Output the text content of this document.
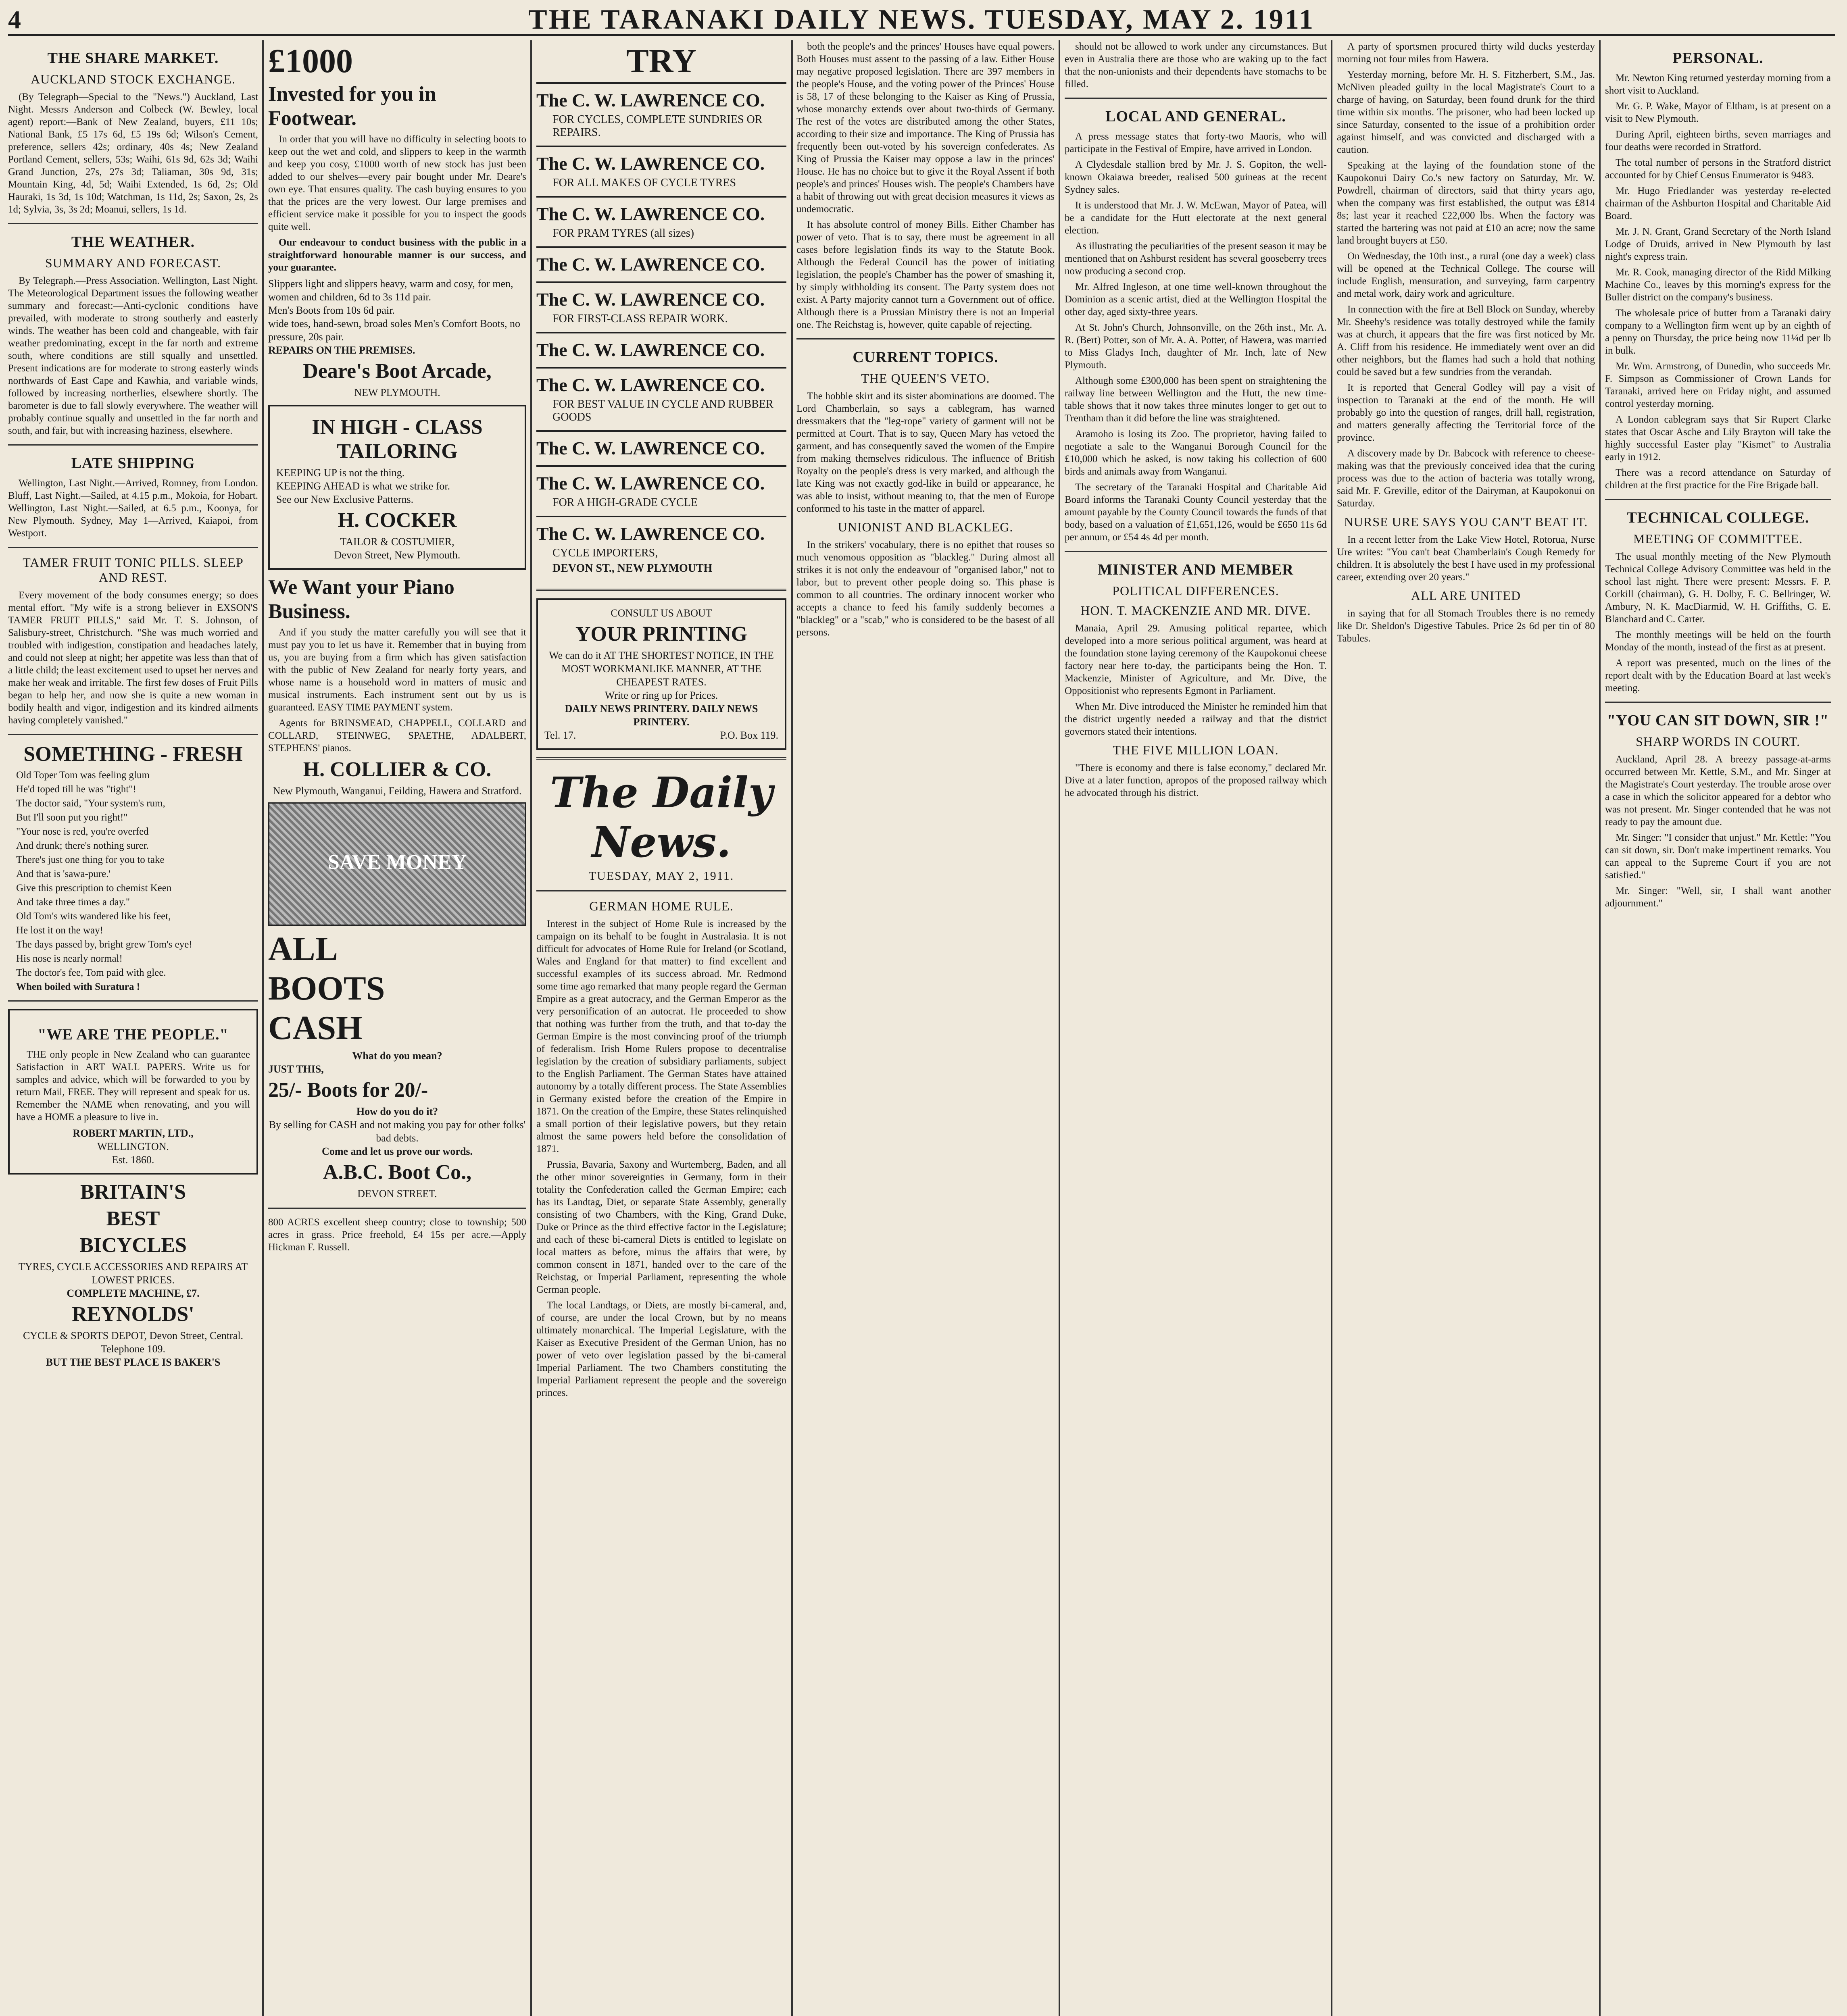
4	THE TARANAKI DAILY NEWS. TUESDAY, MAY 2. 1911
THE SHARE MARKET.
AUCKLAND STOCK EXCHANGE.

(By Telegraph—Special to the "News.") Auckland, Last Night. Messrs Anderson and Colbeck (W. Bewley, local agent) report:—Bank of New Zealand, buyers, £11 10s; National Bank, £5 17s 6d, £5 19s 6d; Wilson's Cement, preference, sellers 42s; ordinary, 40s 4s; New Zealand Portland Cement, sellers, 53s; Waihi, 61s 9d, 62s 3d; Waihi Grand Junction, 27s, 27s 3d; Taliaman, 30s 9d, 31s; Mountain King, 4d, 5d; Waihi Extended, 1s 6d, 2s; Old Hauraki, 1s 3d, 1s 10d; Watchman, 1s 11d, 2s; Saxon, 2s, 2s 1d; Sylvia, 3s, 3s 2d; Moanui, sellers, 1s 1d.

THE WEATHER.
SUMMARY AND FORECAST.

By Telegraph.—Press Association. Wellington, Last Night. The Meteorological Department issues the following weather summary and forecast:—Anti-cyclonic conditions have prevailed, with moderate to strong southerly and easterly winds. The weather has been cold and changeable, with fair weather predominating, except in the far north and extreme south, where conditions are still squally and unsettled. Present indications are for moderate to strong easterly winds northwards of East Cape and Kawhia, and variable winds, followed by increasing northerlies, elsewhere shortly. The barometer is due to fall slowly everywhere. The weather will probably continue squally and unsettled in the far north and south, and fair, but with increasing haziness, elsewhere.

LATE SHIPPING

Wellington, Last Night.—Arrived, Romney, from London. Bluff, Last Night.—Sailed, at 4.15 p.m., Mokoia, for Hobart. Wellington, Last Night.—Sailed, at 6.5 p.m., Koonya, for New Plymouth. Sydney, May 1—Arrived, Kaiapoi, from Westport.

TAMER FRUIT TONIC PILLS. SLEEP AND REST.

Every movement of the body consumes energy; so does mental effort. "My wife is a strong believer in EXSON'S TAMER FRUIT PILLS," said Mr. T. S. Johnson, of Salisbury-street, Christchurch. "She was much worried and troubled with indigestion, constipation and headaches lately, and could not sleep at night; her appetite was less than that of a little child; the least excitement used to upset her nerves and make her weak and irritable. The first few doses of Fruit Pills began to help her, and now she is quite a new woman in bodily health and vigor, indigestion and its kindred ailments having completely vanished."

SOMETHING - FRESH

Old Toper Tom was feeling glum

He'd toped till he was "tight"!

The doctor said, "Your system's rum,

But I'll soon put you right!"

"Your nose is red, you're overfed

And drunk; there's nothing surer.

There's just one thing for you to take

And that is 'sawa-pure.'

Give this prescription to chemist Keen

And take three times a day."

Old Tom's wits wandered like his feet,

He lost it on the way!

The days passed by, bright grew Tom's eye!

His nose is nearly normal!

The doctor's fee, Tom paid with glee.

When boiled with Suratura !

"WE ARE THE PEOPLE."

THE only people in New Zealand who can guarantee Satisfaction in ART WALL PAPERS. Write us for samples and advice, which will be forwarded to you by return Mail, FREE. They will represent and speak for us. Remember the NAME when renovating, and you will have a HOME a pleasure to live in.

ROBERT MARTIN, LTD.,

WELLINGTON.

Est. 1860.

BRITAIN'S
BEST
BICYCLES

TYRES, CYCLE ACCESSORIES AND REPAIRS AT LOWEST PRICES.

COMPLETE MACHINE, £7.

REYNOLDS'

CYCLE & SPORTS DEPOT, Devon Street, Central. Telephone 109.

BUT THE BEST PLACE IS BAKER'S

£1000
Invested for you in Footwear.

In order that you will have no difficulty in selecting boots to keep out the wet and cold, and slippers to keep in the warmth and keep you cosy, £1000 worth of new stock has just been added to our shelves—every pair bought under Mr. Deare's own eye. That ensures quality. The cash buying ensures to you that the prices are the very lowest. Our large premises and efficient service make it possible for you to inspect the goods quite well.

Our endeavour to conduct business with the public in a straightforward honourable manner is our success, and your guarantee.

Slippers light and slippers heavy, warm and cosy, for men, women and children, 6d to 3s 11d pair.

Men's Boots from 10s 6d pair.

wide toes, hand-sewn, broad soles Men's Comfort Boots, no pressure, 20s pair.

REPAIRS ON THE PREMISES.

Deare's Boot Arcade,

NEW PLYMOUTH.

IN HIGH - CLASS TAILORING

KEEPING UP is not the thing.

KEEPING AHEAD is what we strike for.

See our New Exclusive Patterns.

H. COCKER

TAILOR & COSTUMIER,

Devon Street, New Plymouth.

We Want your Piano Business.

And if you study the matter carefully you will see that it must pay you to let us have it. Remember that in buying from us, you are buying from a firm which has given satisfaction with the public of New Zealand for nearly forty years, and whose name is a household word in matters of music and musical instruments. Each instrument sent out by us is guaranteed. EASY TIME PAYMENT system.

Agents for BRINSMEAD, CHAPPELL, COLLARD and COLLARD, STEINWEG, SPAETHE, ADALBERT, STEPHENS' pianos.

H. COLLIER & CO.

New Plymouth, Wanganui, Feilding, Hawera and Stratford.

SAVE MONEY
ALL
BOOTS
CASH

What do you mean?

JUST THIS,

25/- Boots for 20/-

How do you do it?

By selling for CASH and not making you pay for other folks' bad debts.

Come and let us prove our words.

A.B.C. Boot Co.,

DEVON STREET.

800 ACRES excellent sheep country; close to township; 500 acres in grass. Price freehold, £4 15s per acre.—Apply Hickman F. Russell.

TRY
The C. W. LAWRENCE CO.
FOR CYCLES, COMPLETE SUNDRIES OR REPAIRS.
The C. W. LAWRENCE CO.
FOR ALL MAKES OF CYCLE TYRES
The C. W. LAWRENCE CO.
FOR PRAM TYRES (all sizes)
The C. W. LAWRENCE CO.
The C. W. LAWRENCE CO.
FOR FIRST-CLASS REPAIR WORK.
The C. W. LAWRENCE CO.
The C. W. LAWRENCE CO.
FOR BEST VALUE IN CYCLE AND RUBBER GOODS
The C. W. LAWRENCE CO.
The C. W. LAWRENCE CO.
FOR A HIGH-GRADE CYCLE
The C. W. LAWRENCE CO.
CYCLE IMPORTERS,
DEVON ST., NEW PLYMOUTH

CONSULT US ABOUT

YOUR PRINTING

We can do it AT THE SHORTEST NOTICE, IN THE MOST WORKMANLIKE MANNER, AT THE CHEAPEST RATES.

Write or ring up for Prices.

DAILY NEWS PRINTERY. DAILY NEWS PRINTERY.

Tel. 17.	P.O. Box 119.

The Daily News.
TUESDAY, MAY 2, 1911.
GERMAN HOME RULE.

Interest in the subject of Home Rule is increased by the campaign on its behalf to be fought in Australasia. It is not difficult for advocates of Home Rule for Ireland (or Scotland, Wales and England for that matter) to find excellent and successful examples of its success abroad. Mr. Redmond some time ago remarked that many people regard the German Empire as a great autocracy, and the German Emperor as the very personification of an autocrat. He proceeded to show that nothing was further from the truth, and that to-day the German Empire is the most convincing proof of the triumph of federalism. Irish Home Rulers propose to decentralise legislation by the creation of subsidiary parliaments, subject to the English Parliament. The German States have attained autonomy by a totally different process. The State Assemblies in Germany existed before the creation of the Empire in 1871. On the creation of the Empire, these States relinquished a small portion of their legislative powers, but they retain almost the same powers held before the consolidation of 1871.

Prussia, Bavaria, Saxony and Wurtemberg, Baden, and all the other minor sovereignties in Germany, form in their totality the Confederation called the German Empire; each has its Landtag, Diet, or separate State Assembly, generally consisting of two Chambers, with the King, Grand Duke, Duke or Prince as the third effective factor in the Legislature; and each of these bi-cameral Diets is entitled to legislate on local matters as before, minus the affairs that were, by common consent in 1871, handed over to the care of the Reichstag, or Imperial Parliament, representing the whole German people.

The local Landtags, or Diets, are mostly bi-cameral, and, of course, are under the local Crown, but by no means ultimately monarchical. The Imperial Legislature, with the Kaiser as Executive President of the German Union, has no power of veto over legislation passed by the bi-cameral Imperial Parliament. The two Chambers constituting the Imperial Parliament represent the people and the sovereign princes.

both the people's and the princes' Houses have equal powers. Both Houses must assent to the passing of a law. Either House may negative proposed legislation. There are 397 members in the people's House, and the voting power of the Princes' House is 58, 17 of these belonging to the Kaiser as King of Prussia, whose monarchy extends over about two-thirds of Germany. The rest of the votes are distributed among the other States, according to their size and importance. The King of Prussia has frequently been out-voted by his sovereign confederates. As King of Prussia the Kaiser may oppose a law in the princes' House. He has no choice but to give it the Royal Assent if both people's and princes' Houses wish. The people's Chambers have a habit of throwing out with great decision measures it views as undemocratic.

It has absolute control of money Bills. Either Chamber has power of veto. That is to say, there must be agreement in all cases before legislation finds its way to the Statute Book. Although the Federal Council has the power of initiating legislation, the people's Chamber has the power of smashing it, by simply withholding its consent. The Party system does not exist. A Party majority cannot turn a Government out of office. Although there is a Prussian Ministry there is not an Imperial one. The Reichstag is, however, quite capable of rejecting.

CURRENT TOPICS.
THE QUEEN'S VETO.

The hobble skirt and its sister abominations are doomed. The Lord Chamberlain, so says a cablegram, has warned dressmakers that the "leg-rope" variety of garment will not be permitted at Court. That is to say, Queen Mary has vetoed the garment, and has consequently saved the women of the Empire from making themselves ridiculous. The influence of British Royalty on the people's dress is very marked, and although the late King was not exactly god-like in build or appearance, he was able to insist, without meaning to, that the men of Europe conformed to his taste in the matter of apparel.

UNIONIST AND BLACKLEG.

In the strikers' vocabulary, there is no epithet that rouses so much venomous opposition as "blackleg." During almost all strikes it is not only the endeavour of "organised labor," not to labor, but to prevent other people doing so. This phase is common to all countries. The ordinary innocent worker who accepts a chance to feed his family suddenly becomes a "blackleg" or a "scab," who is considered to be the basest of all persons.

should not be allowed to work under any circumstances. But even in Australia there are those who are waking up to the fact that the non-unionists and their dependents have stomachs to be filled.

LOCAL AND GENERAL.

A press message states that forty-two Maoris, who will participate in the Festival of Empire, have arrived in London.

A Clydesdale stallion bred by Mr. J. S. Gopiton, the well-known Okaiawa breeder, realised 500 guineas at the recent Sydney sales.

It is understood that Mr. J. W. McEwan, Mayor of Patea, will be a candidate for the Hutt electorate at the next general election.

As illustrating the peculiarities of the present season it may be mentioned that on Ashburst resident has several gooseberry trees now producing a second crop.

Mr. Alfred Ingleson, at one time well-known throughout the Dominion as a scenic artist, died at the Wellington Hospital the other day, aged sixty-three years.

At St. John's Church, Johnsonville, on the 26th inst., Mr. A. R. (Bert) Potter, son of Mr. A. A. Potter, of Hawera, was married to Miss Gladys Inch, daughter of Mr. Inch, late of New Plymouth.

Although some £300,000 has been spent on straightening the railway line between Wellington and the Hutt, the new time-table shows that it now takes three minutes longer to get out to Trentham than it did before the line was straightened.

Aramoho is losing its Zoo. The proprietor, having failed to negotiate a sale to the Wanganui Borough Council for the £10,000 which he asked, is now taking his collection of 600 birds and animals away from Wanganui.

The secretary of the Taranaki Hospital and Charitable Aid Board informs the Taranaki County Council yesterday that the amount payable by the County Council towards the funds of that body, based on a valuation of £1,651,126, would be £650 11s 6d per annum, or £54 4s 4d per month.

MINISTER AND MEMBER
POLITICAL DIFFERENCES.
HON. T. MACKENZIE AND MR. DIVE.

Manaia, April 29. Amusing political repartee, which developed into a more serious political argument, was heard at the foundation stone laying ceremony of the Kaupokonui cheese factory near here to-day, the participants being the Hon. T. Mackenzie, Minister of Agriculture, and Mr. Dive, the Oppositionist who represents Egmont in Parliament.

When Mr. Dive introduced the Minister he reminded him that the district urgently needed a railway and that the district governors stated their intentions.

THE FIVE MILLION LOAN.

"There is economy and there is false economy," declared Mr. Dive at a later function, apropos of the proposed railway which he advocated through his district.

A party of sportsmen procured thirty wild ducks yesterday morning not four miles from Hawera.

Yesterday morning, before Mr. H. S. Fitzherbert, S.M., Jas. McNiven pleaded guilty in the local Magistrate's Court to a charge of having, on Saturday, been found drunk for the third time within six months. The prisoner, who had been locked up since Saturday, consented to the issue of a prohibition order against himself, and was convicted and discharged with a caution.

Speaking at the laying of the foundation stone of the Kaupokonui Dairy Co.'s new factory on Saturday, Mr. W. Powdrell, chairman of directors, said that thirty years ago, when the company was first established, the output was £814 8s; last year it reached £22,000 lbs. When the factory was started the bartering was not paid at £10 an acre; now the same land brought buyers at £50.

On Wednesday, the 10th inst., a rural (one day a week) class will be opened at the Technical College. The course will include English, mensuration, and surveying, farm carpentry and metal work, dairy work and agriculture.

In connection with the fire at Bell Block on Sunday, whereby Mr. Sheehy's residence was totally destroyed while the family was at church, it appears that the fire was first noticed by Mr. A. Cliff from his residence. He immediately went over an did other neighbors, but the flames had such a hold that nothing could be saved but a few sundries from the verandah.

It is reported that General Godley will pay a visit of inspection to Taranaki at the end of the month. He will probably go into the question of ranges, drill hall, registration, and matters generally affecting the Territorial force of the province.

A discovery made by Dr. Babcock with reference to cheese-making was that the previously conceived idea that the curing process was due to the action of bacteria was totally wrong, said Mr. F. Greville, editor of the Dairyman, at Kaupokonui on Saturday.

NURSE URE SAYS YOU CAN'T BEAT IT.

In a recent letter from the Lake View Hotel, Rotorua, Nurse Ure writes: "You can't beat Chamberlain's Cough Remedy for children. It is absolutely the best I have used in my professional career, extending over 20 years."

ALL ARE UNITED

in saying that for all Stomach Troubles there is no remedy like Dr. Sheldon's Digestive Tabules. Price 2s 6d per tin of 80 Tabules.

PERSONAL.

Mr. Newton King returned yesterday morning from a short visit to Auckland.

Mr. G. P. Wake, Mayor of Eltham, is at present on a visit to New Plymouth.

During April, eighteen births, seven marriages and four deaths were recorded in Stratford.

The total number of persons in the Stratford district accounted for by Chief Census Enumerator is 9483.

Mr. Hugo Friedlander was yesterday re-elected chairman of the Ashburton Hospital and Charitable Aid Board.

Mr. J. N. Grant, Grand Secretary of the North Island Lodge of Druids, arrived in New Plymouth by last night's express train.

Mr. R. Cook, managing director of the Ridd Milking Machine Co., leaves by this morning's express for the Buller district on the company's business.

The wholesale price of butter from a Taranaki dairy company to a Wellington firm went up by an eighth of a penny on Thursday, the price being now 11¼d per lb in bulk.

Mr. Wm. Armstrong, of Dunedin, who succeeds Mr. F. Simpson as Commissioner of Crown Lands for Taranaki, arrived here on Friday night, and assumed control yesterday morning.

A London cablegram says that Sir Rupert Clarke states that Oscar Asche and Lily Brayton will take the highly successful Easter play "Kismet" to Australia early in 1912.

There was a record attendance on Saturday of children at the first practice for the Fire Brigade ball.

TECHNICAL COLLEGE.
MEETING OF COMMITTEE.

The usual monthly meeting of the New Plymouth Technical College Advisory Committee was held in the school last night. There were present: Messrs. F. P. Corkill (chairman), G. H. Dolby, F. C. Bellringer, W. Ambury, N. K. MacDiarmid, W. H. Griffiths, G. E. Blanchard and C. Carter.

The monthly meetings will be held on the fourth Monday of the month, instead of the first as at present.

A report was presented, much on the lines of the report dealt with by the Education Board at last week's meeting.

"YOU CAN SIT DOWN, SIR !"
SHARP WORDS IN COURT.

Auckland, April 28. A breezy passage-at-arms occurred between Mr. Kettle, S.M., and Mr. Singer at the Magistrate's Court yesterday. The trouble arose over a case in which the solicitor appeared for a debtor who was not present. Mr. Singer contended that he was not ready to pay the amount due.

Mr. Singer: "I consider that unjust." Mr. Kettle: "You can sit down, sir. Don't make impertinent remarks. You can appeal to the Supreme Court if you are not satisfied."

Mr. Singer: "Well, sir, I shall want another adjournment."
